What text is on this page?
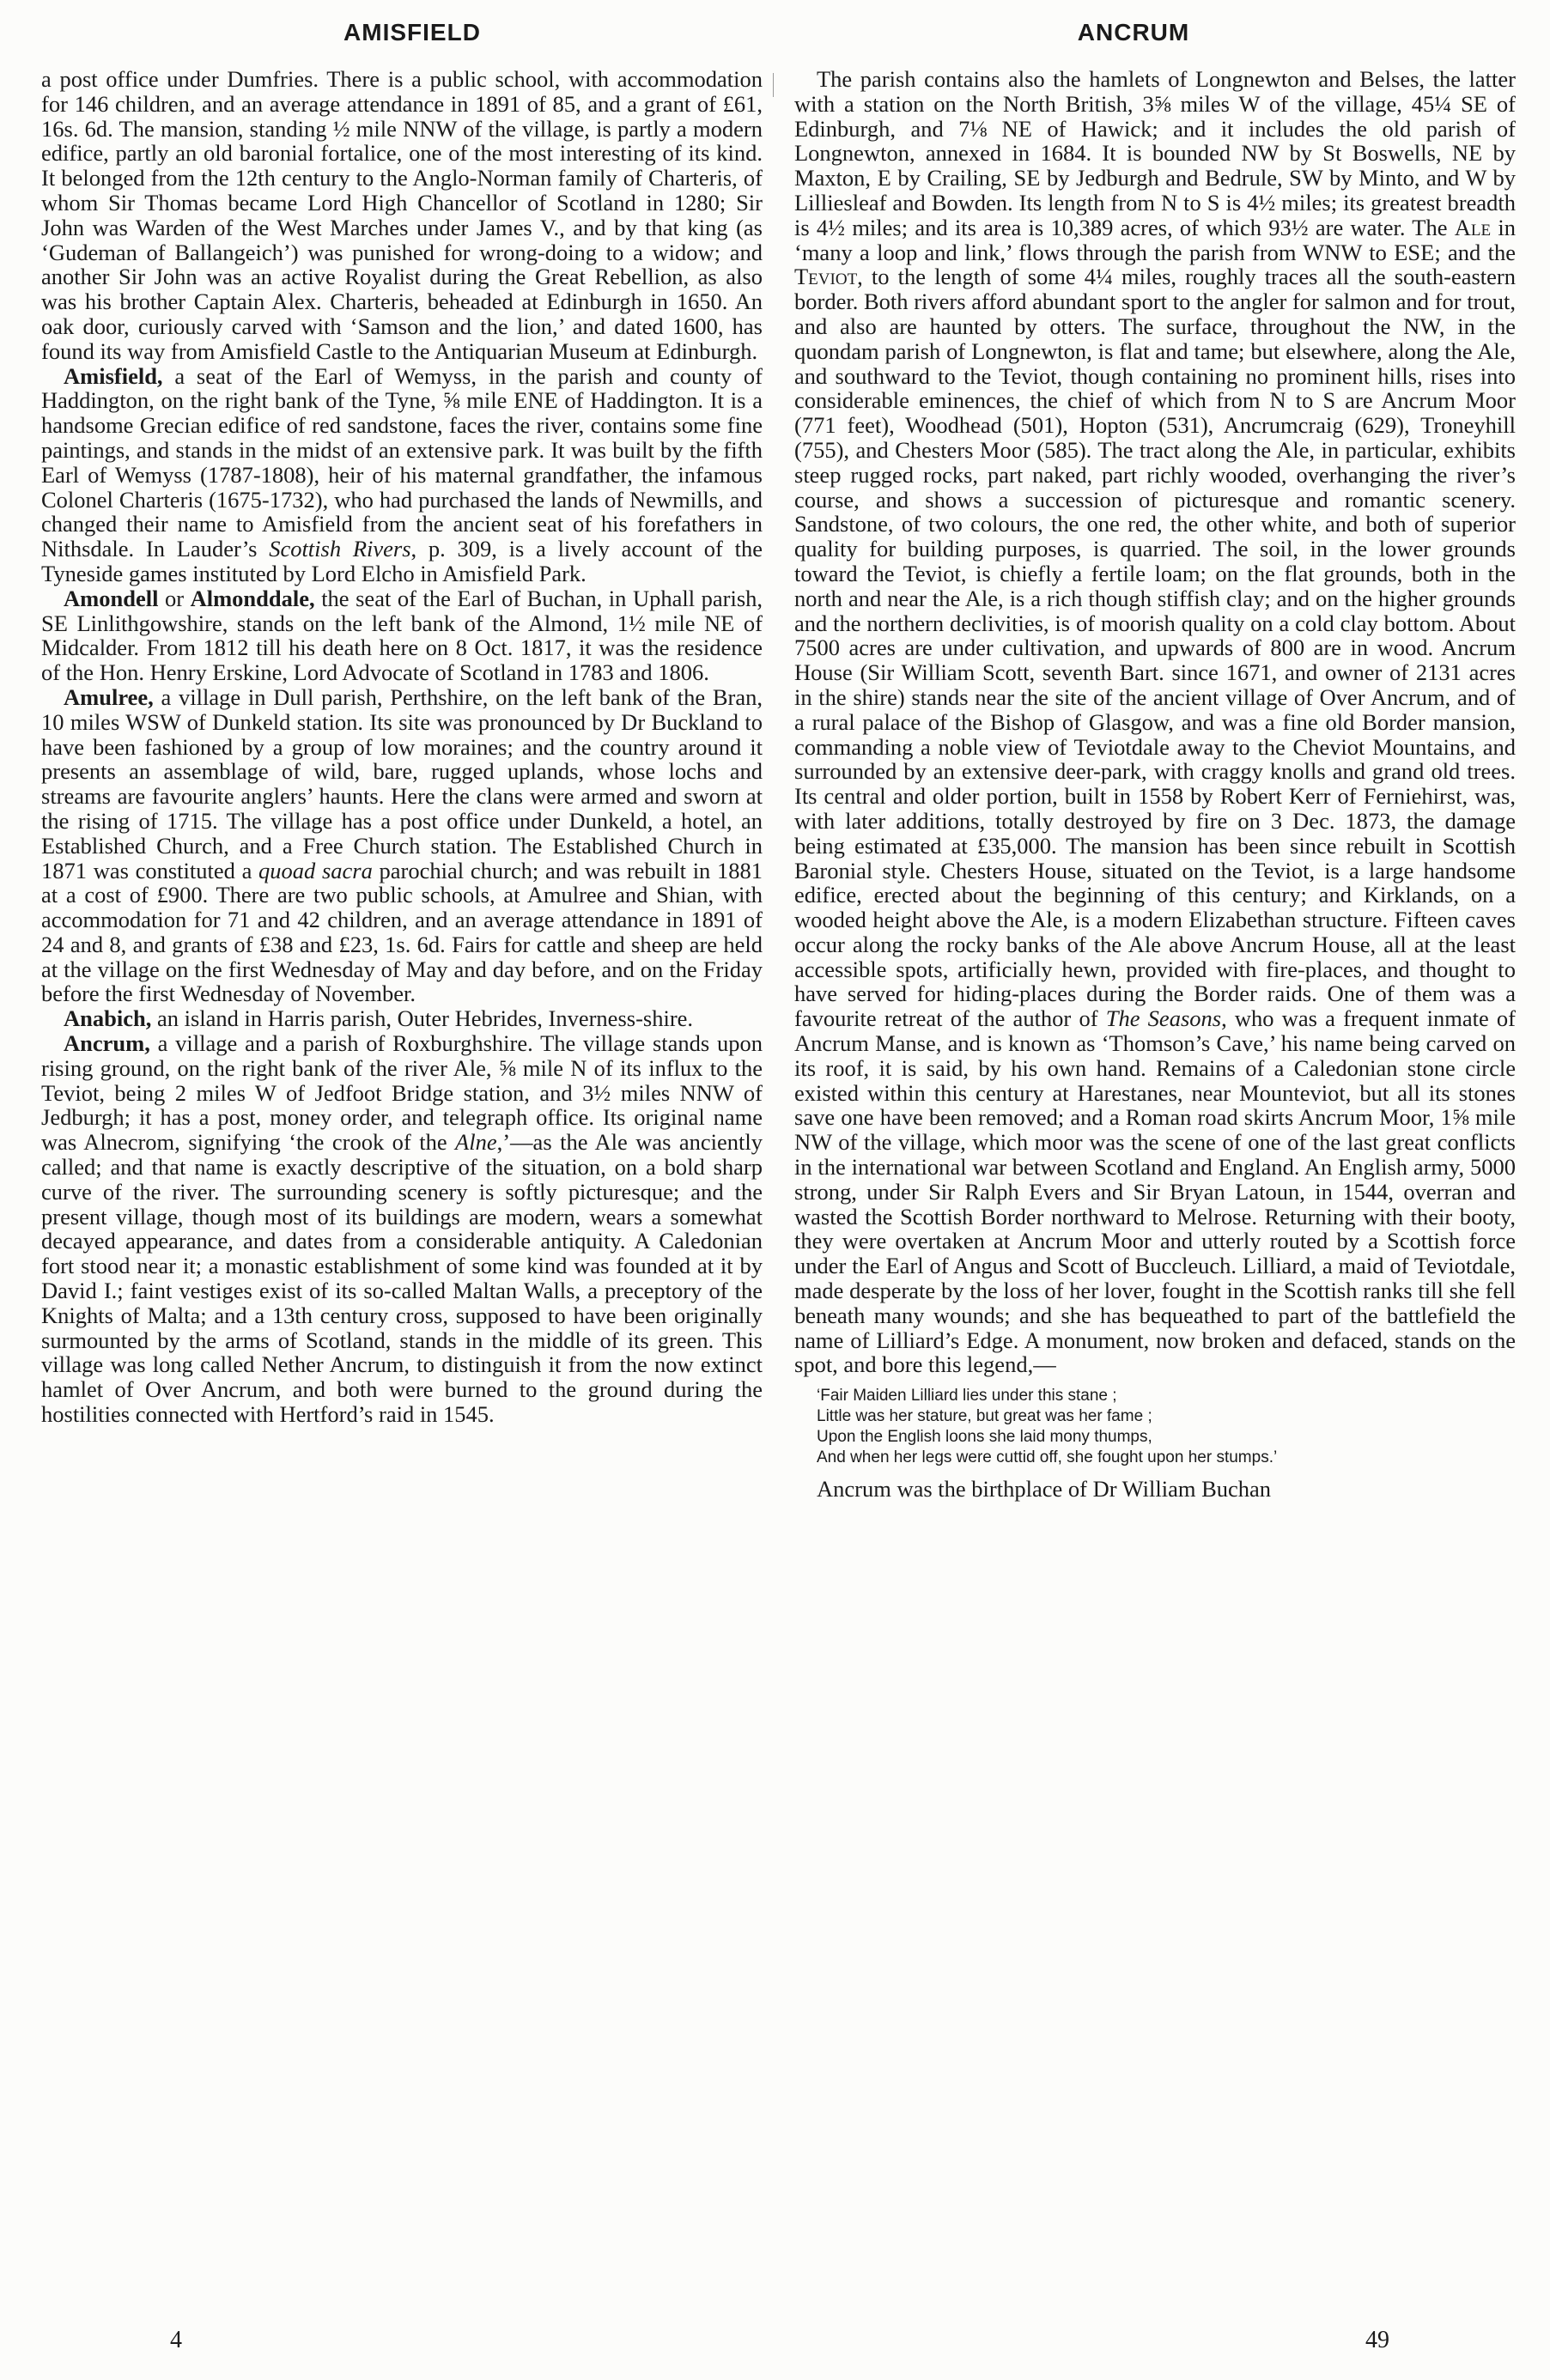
AMISFIELD	ANCRUM

a post office under Dumfries. There is a public school, with accommodation for 146 children, and an average attendance in 1891 of 85, and a grant of £61, 16s. 6d. The mansion, standing ½ mile NNW of the village, is partly a modern edifice, partly an old baronial fortalice, one of the most interesting of its kind. It belonged from the 12th century to the Anglo-Norman family of Charteris, of whom Sir Thomas became Lord High Chancellor of Scotland in 1280; Sir John was Warden of the West Marches under James V., and by that king (as ‘Gudeman of Ballangeich’) was punished for wrong-doing to a widow; and another Sir John was an active Royalist during the Great Rebellion, as also was his brother Captain Alex. Charteris, beheaded at Edinburgh in 1650. An oak door, curiously carved with ‘Samson and the lion,’ and dated 1600, has found its way from Amisfield Castle to the Antiquarian Museum at Edinburgh.

Amisfield, a seat of the Earl of Wemyss, in the parish and county of Haddington, on the right bank of the Tyne, ⅝ mile ENE of Haddington. It is a handsome Grecian edifice of red sandstone, faces the river, contains some fine paintings, and stands in the midst of an extensive park. It was built by the fifth Earl of Wemyss (1787-1808), heir of his maternal grandfather, the infamous Colonel Charteris (1675-1732), who had purchased the lands of Newmills, and changed their name to Amisfield from the ancient seat of his forefathers in Nithsdale. In Lauder’s Scottish Rivers, p. 309, is a lively account of the Tyneside games instituted by Lord Elcho in Amisfield Park.

Amondell or Almonddale, the seat of the Earl of Buchan, in Uphall parish, SE Linlithgowshire, stands on the left bank of the Almond, 1½ mile NE of Midcalder. From 1812 till his death here on 8 Oct. 1817, it was the residence of the Hon. Henry Erskine, Lord Advocate of Scotland in 1783 and 1806.

Amulree, a village in Dull parish, Perthshire, on the left bank of the Bran, 10 miles WSW of Dunkeld station. Its site was pronounced by Dr Buckland to have been fashioned by a group of low moraines; and the country around it presents an assemblage of wild, bare, rugged uplands, whose lochs and streams are favourite anglers’ haunts. Here the clans were armed and sworn at the rising of 1715. The village has a post office under Dunkeld, a hotel, an Established Church, and a Free Church station. The Established Church in 1871 was constituted a quoad sacra parochial church; and was rebuilt in 1881 at a cost of £900. There are two public schools, at Amulree and Shian, with accommodation for 71 and 42 children, and an average attendance in 1891 of 24 and 8, and grants of £38 and £23, 1s. 6d. Fairs for cattle and sheep are held at the village on the first Wednesday of May and day before, and on the Friday before the first Wednesday of November.

Anabich, an island in Harris parish, Outer Hebrides, Inverness-shire.

Ancrum, a village and a parish of Roxburghshire. The village stands upon rising ground, on the right bank of the river Ale, ⅝ mile N of its influx to the Teviot, being 2 miles W of Jedfoot Bridge station, and 3½ miles NNW of Jedburgh; it has a post, money order, and telegraph office. Its original name was Alnecrom, signifying ‘the crook of the Alne,’—as the Ale was anciently called; and that name is exactly descriptive of the situation, on a bold sharp curve of the river. The surrounding scenery is softly picturesque; and the present village, though most of its buildings are modern, wears a somewhat decayed appearance, and dates from a considerable antiquity. A Caledonian fort stood near it; a monastic establishment of some kind was founded at it by David I.; faint vestiges exist of its so-called Maltan Walls, a preceptory of the Knights of Malta; and a 13th century cross, supposed to have been originally surmounted by the arms of Scotland, stands in the middle of its green. This village was long called Nether Ancrum, to distinguish it from the now extinct hamlet of Over Ancrum, and both were burned to the ground during the hostilities connected with Hertford’s raid in 1545.

The parish contains also the hamlets of Longnewton and Belses, the latter with a station on the North British, 3⅝ miles W of the village, 45¼ SE of Edinburgh, and 7⅛ NE of Hawick; and it includes the old parish of Longnewton, annexed in 1684. It is bounded NW by St Boswells, NE by Maxton, E by Crailing, SE by Jedburgh and Bedrule, SW by Minto, and W by Lilliesleaf and Bowden. Its length from N to S is 4½ miles; its greatest breadth is 4½ miles; and its area is 10,389 acres, of which 93½ are water. The Ale in ‘many a loop and link,’ flows through the parish from WNW to ESE; and the Teviot, to the length of some 4¼ miles, roughly traces all the south-eastern border. Both rivers afford abundant sport to the angler for salmon and for trout, and also are haunted by otters. The surface, throughout the NW, in the quondam parish of Longnewton, is flat and tame; but elsewhere, along the Ale, and southward to the Teviot, though containing no prominent hills, rises into considerable eminences, the chief of which from N to S are Ancrum Moor (771 feet), Woodhead (501), Hopton (531), Ancrumcraig (629), Troneyhill (755), and Chesters Moor (585). The tract along the Ale, in particular, exhibits steep rugged rocks, part naked, part richly wooded, overhanging the river’s course, and shows a succession of picturesque and romantic scenery. Sandstone, of two colours, the one red, the other white, and both of superior quality for building purposes, is quarried. The soil, in the lower grounds toward the Teviot, is chiefly a fertile loam; on the flat grounds, both in the north and near the Ale, is a rich though stiffish clay; and on the higher grounds and the northern declivities, is of moorish quality on a cold clay bottom. About 7500 acres are under cultivation, and upwards of 800 are in wood. Ancrum House (Sir William Scott, seventh Bart. since 1671, and owner of 2131 acres in the shire) stands near the site of the ancient village of Over Ancrum, and of a rural palace of the Bishop of Glasgow, and was a fine old Border mansion, commanding a noble view of Teviotdale away to the Cheviot Mountains, and surrounded by an extensive deer-park, with craggy knolls and grand old trees. Its central and older portion, built in 1558 by Robert Kerr of Ferniehirst, was, with later additions, totally destroyed by fire on 3 Dec. 1873, the damage being estimated at £35,000. The mansion has been since rebuilt in Scottish Baronial style. Chesters House, situated on the Teviot, is a large handsome edifice, erected about the beginning of this century; and Kirklands, on a wooded height above the Ale, is a modern Elizabethan structure. Fifteen caves occur along the rocky banks of the Ale above Ancrum House, all at the least accessible spots, artificially hewn, provided with fire-places, and thought to have served for hiding-places during the Border raids. One of them was a favourite retreat of the author of The Seasons, who was a frequent inmate of Ancrum Manse, and is known as ‘Thomson’s Cave,’ his name being carved on its roof, it is said, by his own hand. Remains of a Caledonian stone circle existed within this century at Harestanes, near Mounteviot, but all its stones save one have been removed; and a Roman road skirts Ancrum Moor, 1⅝ mile NW of the village, which moor was the scene of one of the last great conflicts in the international war between Scotland and England. An English army, 5000 strong, under Sir Ralph Evers and Sir Bryan Latoun, in 1544, overran and wasted the Scottish Border northward to Melrose. Returning with their booty, they were overtaken at Ancrum Moor and utterly routed by a Scottish force under the Earl of Angus and Scott of Buccleuch. Lilliard, a maid of Teviotdale, made desperate by the loss of her lover, fought in the Scottish ranks till she fell beneath many wounds; and she has bequeathed to part of the battlefield the name of Lilliard’s Edge. A monument, now broken and defaced, stands on the spot, and bore this legend,—

‘Fair Maiden Lilliard lies under this stane ;
Little was her stature, but great was her fame ;
Upon the English loons she laid mony thumps,
And when her legs were cuttid off, she fought upon her stumps.’

Ancrum was the birthplace of Dr William Buchan

4	49
